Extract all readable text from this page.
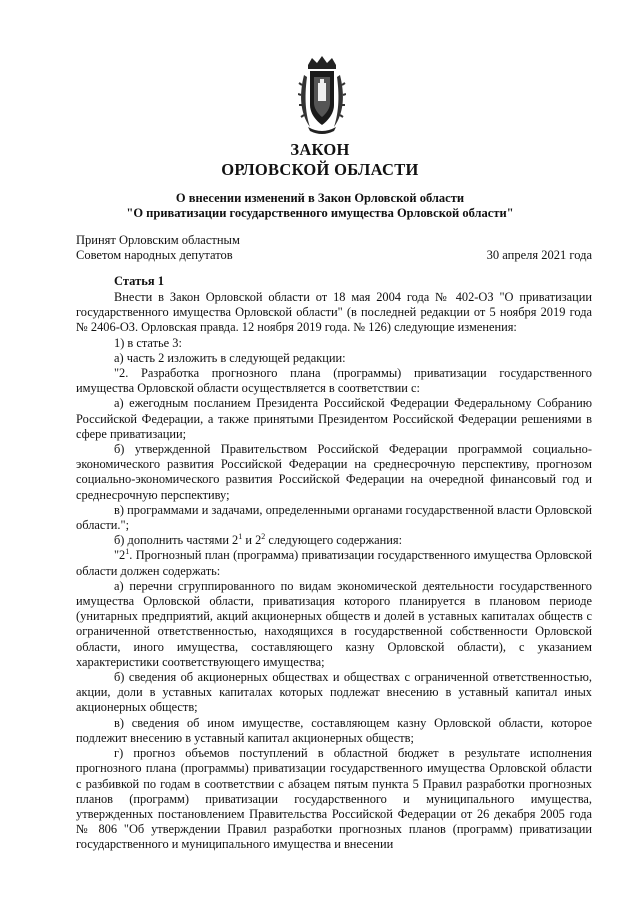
ЗАКОН
ОРЛОВСКОЙ ОБЛАСТИ
О внесении изменений в Закон Орловской области
"О приватизации государственного имущества Орловской области"
Принят Орловским областным
Советом народных депутатов	30 апреля 2021 года
Статья 1

Внести в Закон Орловской области от 18 мая 2004 года № 402-ОЗ "О приватизации государственного имущества Орловской области" (в последней редакции от 5 ноября 2019 года № 2406-ОЗ. Орловская правда. 12 ноября 2019 года. № 126) следующие изменения:

1) в статье 3:

а) часть 2 изложить в следующей редакции:

"2. Разработка прогнозного плана (программы) приватизации государственного имущества Орловской области осуществляется в соответствии с:

а) ежегодным посланием Президента Российской Федерации Федеральному Собранию Российской Федерации, а также принятыми Президентом Российской Федерации решениями в сфере приватизации;

б) утвержденной Правительством Российской Федерации программой социально-экономического развития Российской Федерации на среднесрочную перспективу, прогнозом социально-экономического развития Российской Федерации на очередной финансовый год и среднесрочную перспективу;

в) программами и задачами, определенными органами государственной власти Орловской области.";

б) дополнить частями $2^1$ и $2^2$ следующего содержания:

"$2^1$. Прогнозный план (программа) приватизации государственного имущества Орловской области должен содержать:

а) перечни сгруппированного по видам экономической деятельности государственного имущества Орловской области, приватизация которого планируется в плановом периоде (унитарных предприятий, акций акционерных обществ и долей в уставных капиталах обществ с ограниченной ответственностью, находящихся в государственной собственности Орловской области, иного имущества, составляющего казну Орловской области), с указанием характеристики соответствующего имущества;

б) сведения об акционерных обществах и обществах с ограниченной ответственностью, акции, доли в уставных капиталах которых подлежат внесению в уставный капитал иных акционерных обществ;

в) сведения об ином имуществе, составляющем казну Орловской области, которое подлежит внесению в уставный капитал акционерных обществ;

г) прогноз объемов поступлений в областной бюджет в результате исполнения прогнозного плана (программы) приватизации государственного имущества Орловской области с разбивкой по годам в соответствии с абзацем пятым пункта 5 Правил разработки прогнозных планов (программ) приватизации государственного и муниципального имущества, утвержденных постановлением Правительства Российской Федерации от 26 декабря 2005 года № 806 "Об утверждении Правил разработки прогнозных планов (программ) приватизации государственного и муниципального имущества и внесении
